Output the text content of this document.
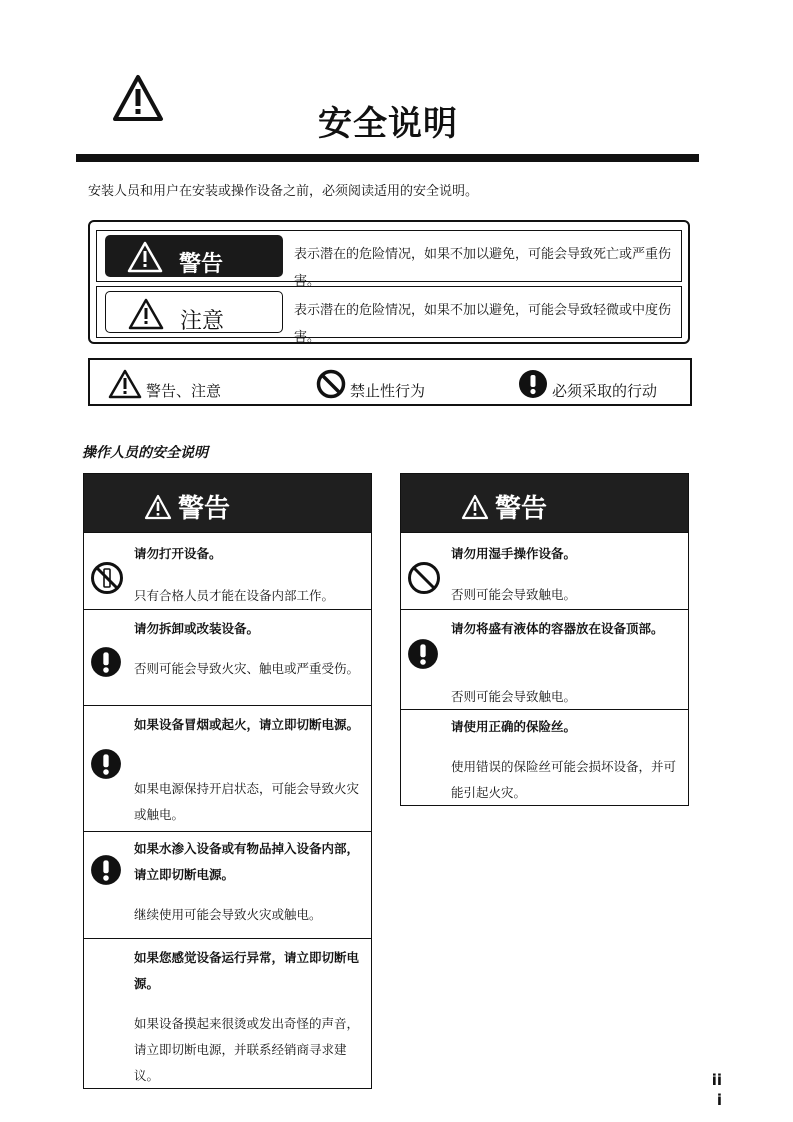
安全说明
安装人员和用户在安装或操作设备之前，必须阅读适用的安全说明。
警告	表示潜在的危险情况，如果不加以避免，可能会导致死亡或严重伤害。
注意	表示潜在的危险情况，如果不加以避免，可能会导致轻微或中度伤害。
警告、注意	禁止性行为	必须采取的行动
操作人员的安全说明
警告
请勿打开设备。
只有合格人员才能在设备内部工作。
请勿拆卸或改装设备。
否则可能会导致火灾、触电或严重受伤。
如果设备冒烟或起火，请立即切断电源。
如果电源保持开启状态，可能会导致火灾或触电。
如果水渗入设备或有物品掉入设备内部，请立即切断电源。
继续使用可能会导致火灾或触电。
如果您感觉设备运行异常，请立即切断电源。
如果设备摸起来很烫或发出奇怪的声音，请立即切断电源，并联系经销商寻求建议。
警告
请勿用湿手操作设备。
否则可能会导致触电。
请勿将盛有液体的容器放在设备顶部。
否则可能会导致触电。
请使用正确的保险丝。
使用错误的保险丝可能会损坏设备，并可能引起火灾。
ii
i
